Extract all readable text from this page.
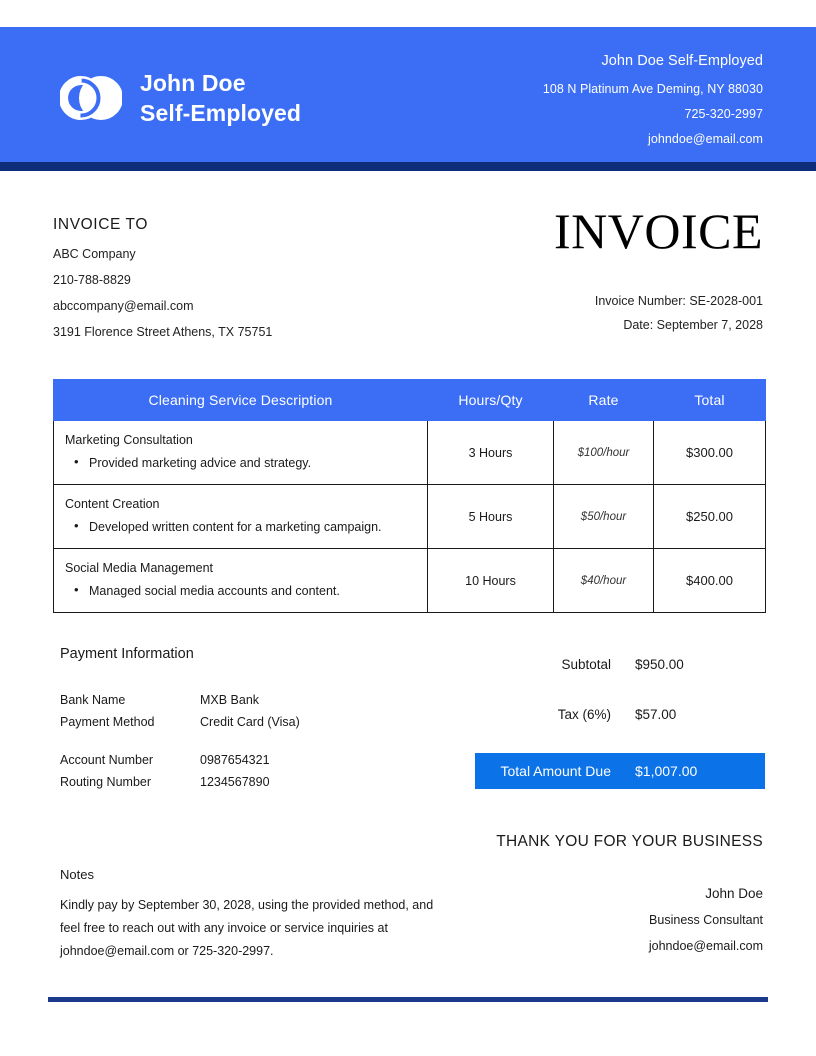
John Doe
Self-Employed
John Doe Self-Employed
108 N Platinum Ave Deming, NY 88030
725-320-2997
johndoe@email.com
INVOICE TO
ABC Company
210-788-8829
abccompany@email.com
3191 Florence Street Athens, TX 75751
INVOICE
Invoice Number: SE-2028-001
Date: September 7, 2028
Cleaning Service Description	Hours/Qty	Rate	Total

Marketing Consultation
• Provided marketing advice and strategy.	3 Hours	$100/hour	$300.00

Content Creation
• Developed written content for a marketing campaign.	5 Hours	$50/hour	$250.00

Social Media Management
• Managed social media accounts and content.	10 Hours	$40/hour	$400.00
Payment Information
Bank Name	MXB Bank
Payment Method	Credit Card (Visa)
Account Number	0987654321
Routing Number	1234567890
Subtotal	$950.00
Tax (6%)	$57.00
Total Amount Due	$1,007.00
THANK YOU FOR YOUR BUSINESS
John Doe
Business Consultant
johndoe@email.com
Notes
Kindly pay by September 30, 2028, using the provided method, and feel free to reach out with any invoice or service inquiries at johndoe@email.com or 725-320-2997.
